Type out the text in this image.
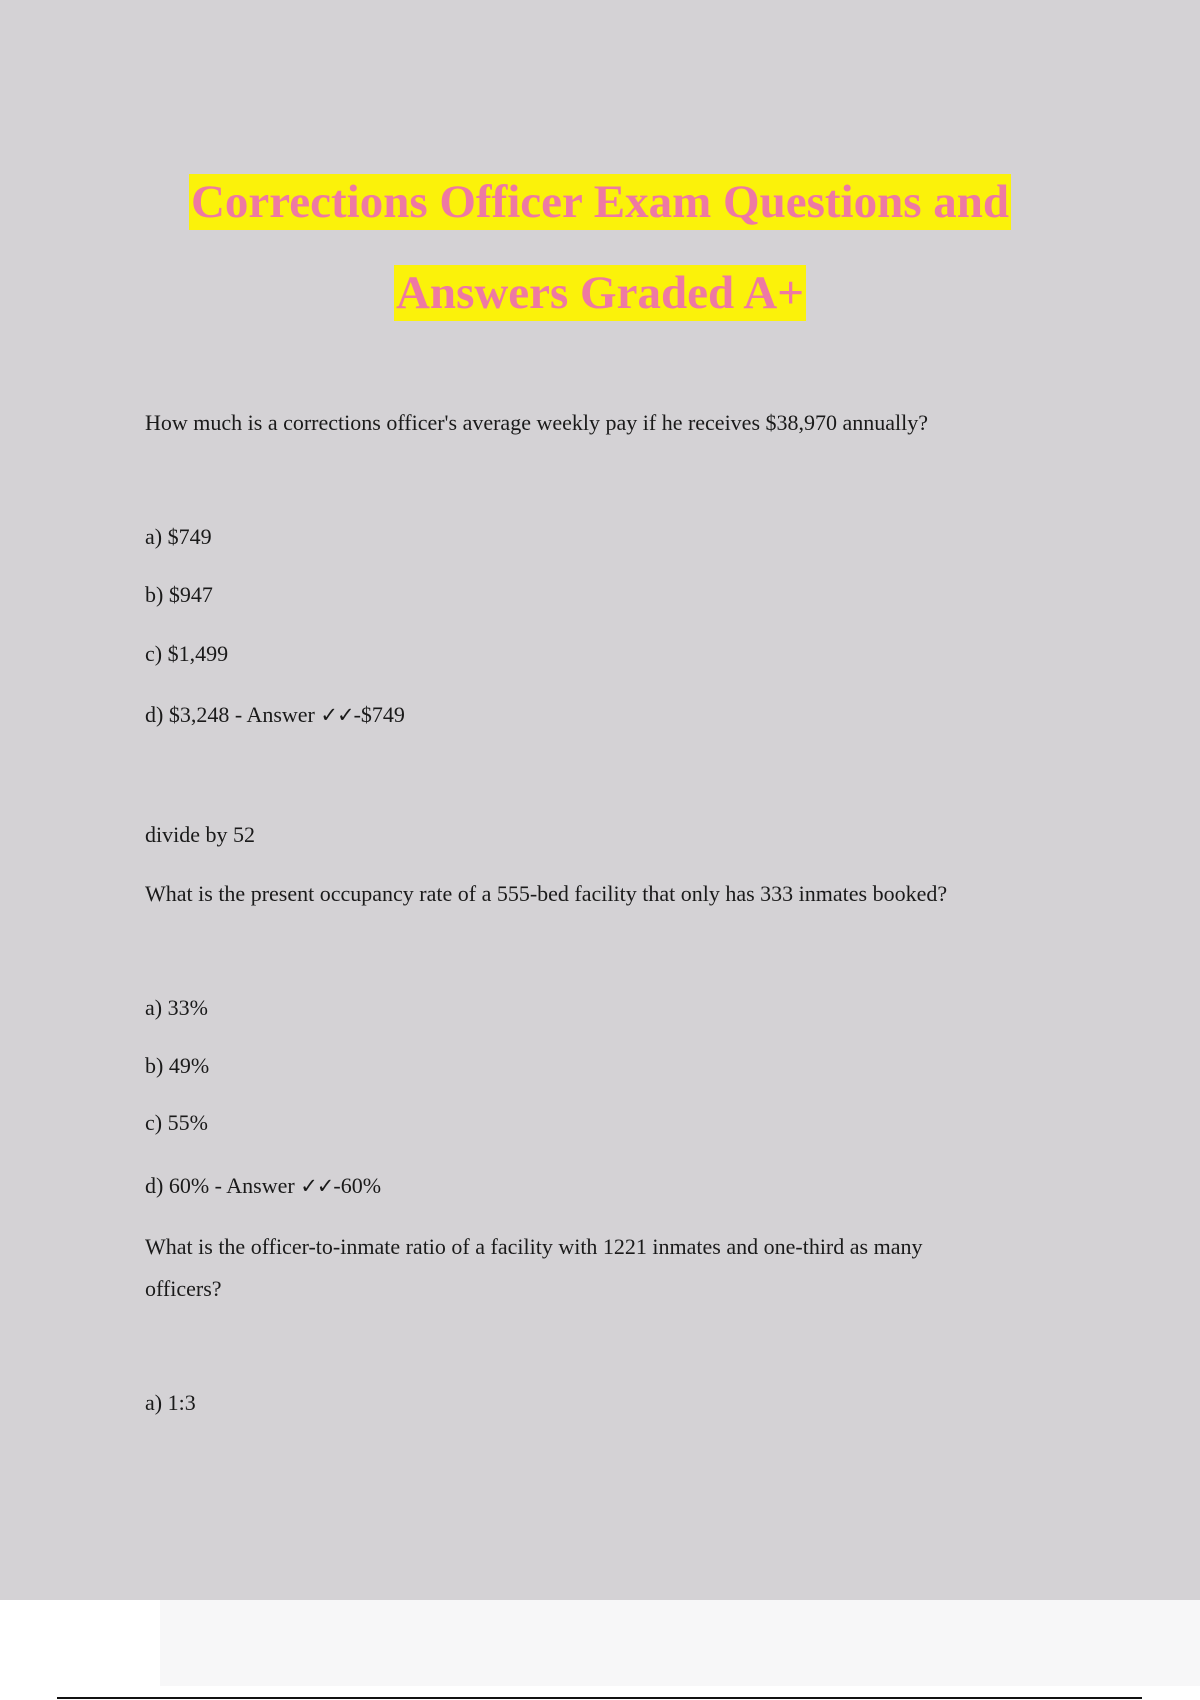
Corrections Officer Exam Questions and
Answers Graded A+
How much is a corrections officer's average weekly pay if he receives $38,970 annually?
a) $749
b) $947
c) $1,499
d) $3,248 - Answer ✓✓-$749
divide by 52
What is the present occupancy rate of a 555-bed facility that only has 333 inmates booked?
a) 33%
b) 49%
c) 55%
d) 60% - Answer ✓✓-60%
What is the officer-to-inmate ratio of a facility with 1221 inmates and one-third as many
officers?
a) 1:3
